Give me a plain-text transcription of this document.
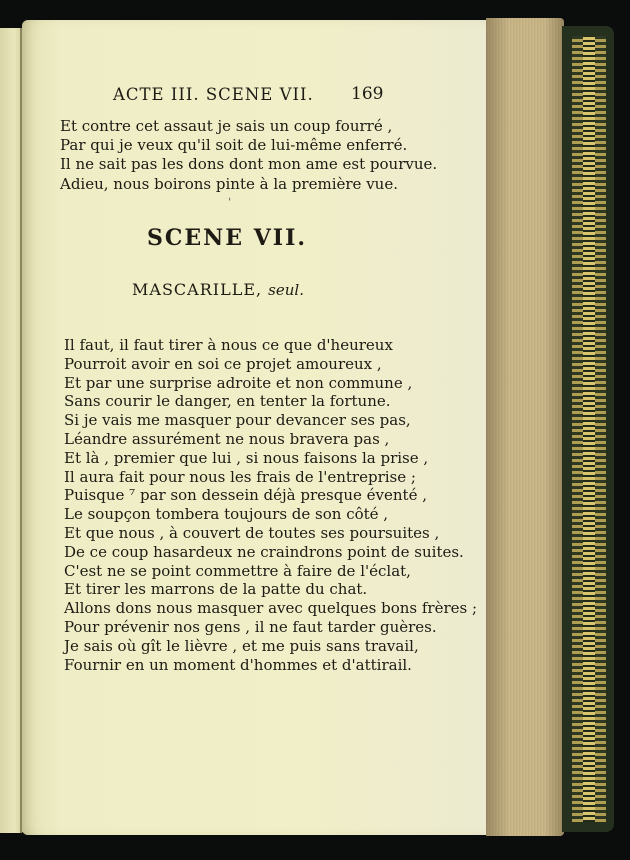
ACTE III. SCENE VII. 169
Et contre cet assaut je sais un coup fourré ,
Par qui je veux qu'il soit de lui-même enferré.
Il ne sait pas les dons dont mon ame est pourvue.
Adieu, nous boirons pinte à la première vue.
ˈ
SCENE VII.
MASCARILLE, seul.
Il faut, il faut tirer à nous ce que d'heureux
Pourroit avoir en soi ce projet amoureux ,
Et par une surprise adroite et non commune ,
Sans courir le danger, en tenter la fortune.
Si je vais me masquer pour devancer ses pas,
Léandre assurément ne nous bravera pas ,
Et là , premier que lui , si nous faisons la prise ,
Il aura fait pour nous les frais de l'entreprise ;
Puisque ⁷ par son dessein déjà presque éventé ,
Le soupçon tombera toujours de son côté ,
Et que nous , à couvert de toutes ses poursuites ,
De ce coup hasardeux ne craindrons point de suites.
C'est ne se point commettre à faire de l'éclat,
Et tirer les marrons de la patte du chat.
Allons dons nous masquer avec quelques bons frères ;
Pour prévenir nos gens , il ne faut tarder guères.
Je sais où gît le lièvre , et me puis sans travail,
Fournir en un moment d'hommes et d'attirail.
